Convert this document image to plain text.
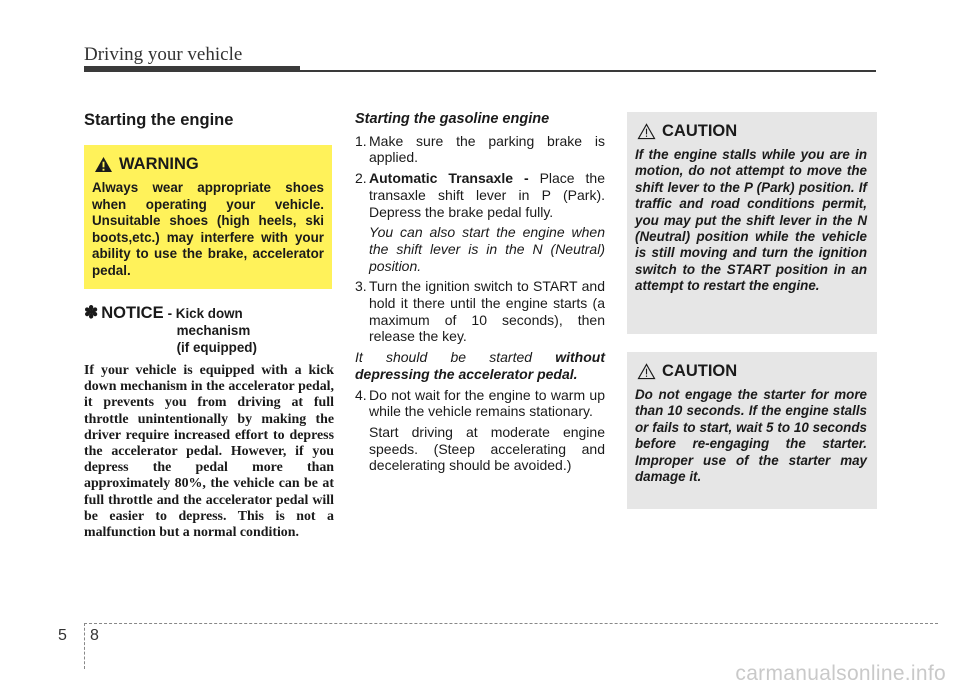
Driving your vehicle
Starting the engine
WARNING
Always wear appropriate shoes when operating your vehicle. Unsuitable shoes (high heels, ski boots,etc.) may interfere with your ability to use the brake, accelerator pedal.
✽ NOTICE - Kick down
mechanism
(if equipped)
If your vehicle is equipped with a kick down mechanism in the accelerator pedal, it prevents you from driving at full throttle unintentionally by making the driver require increased effort to depress the accelerator pedal. However, if you depress the pedal more than approximately 80%, the vehicle can be at full throttle and the accelerator pedal will be easier to depress. This is not a malfunction but a normal condition.
Starting the gasoline engine
1. Make sure the parking brake is applied.
2. Automatic Transaxle - Place the transaxle shift lever in P (Park). Depress the brake pedal fully.
You can also start the engine when the shift lever is in the N (Neutral) position.
3. Turn the ignition switch to START and hold it there until the engine starts (a maximum of 10 seconds), then release the key.
It should be started without depressing the accelerator pedal.
4. Do not wait for the engine to warm up while the vehicle remains stationary.
Start driving at moderate engine speeds. (Steep accelerating and decelerating should be avoided.)
CAUTION
If the engine stalls while you are in motion, do not attempt to move the shift lever to the P (Park) position. If traffic and road conditions permit, you may put the shift lever in the N (Neutral) position while the vehicle is still moving and turn the ignition switch to the START position in an attempt to restart the engine.
CAUTION
Do not engage the starter for more than 10 seconds. If the engine stalls or fails to start, wait 5 to 10 seconds before re-engaging the starter. Improper use of the starter may damage it.
5 8
carmanualsonline.info
